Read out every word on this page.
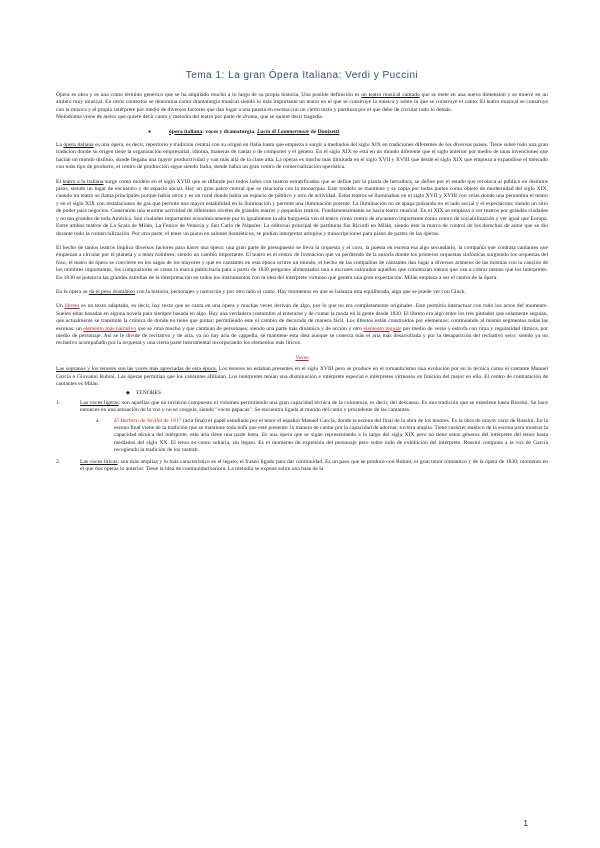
Tema 1: La gran Ópera Italiana: Verdi y Puccini

Ópera es obra y es una como término genérico que se ha ampliado mucho a lo largo de su propia historia. Una posible definición es un teatro musical cantado que se mete en una nueva dimensión y se mueve en un ámbito muy musical. En otros contextos se denomina como dramaturgia musical siendo lo más importante un teatro en el que se construye la música y sobre la que se construye el canto. El teatro musical se construye con la música y el propio intérprete por medio de diversos factores que dan lugar a una puesta en escena con un cierto texto y partitura por el que debe de circular todo lo demás.

Melodrama viene de melos que quiere decir canto y melodía del teatro por parte de drama, que se quiere decir tragedia.

● ópera italiana: voces y dramaturgia. Lucia di Lammermoor de Donizetti

La ópera italiana es una ópera, es decir, repertorio y tradición central con su origen en Italia hasta que empieza a surgir a mediados del siglo XIX en tradiciones diferentes de los diversos países. Tiene sobre todo una gran tradición donde su origen tiene la organización empresarial, idioma, maneras de cantar o de componer y el género. En el siglo XIX se está en un mundo diferente que el siglo anterior por medio de unas invenciones que hacían un mundo distinto, donde llegaba una mayor productividad y van más allá de la clase alta. La óperas es mucho más ilimitada en el siglo XVII y XVIII que desde el siglo XIX que empieza a expandirse el mercado con todo tipo de producto, el centro de producción sigue siendo Italia, donde había un gran centro de comercialización operística.

El teatro a la italiana surge como modelo en el siglo XVIII que se difunde por todos lados con teatros estratificados que se define por la planta de herradura, se define por el estado que recoloca al público en distintos pisos, siendo un lugar de encuentro y de espacio social. Hay un gran palco central que se relaciona con la monarquía. Este modelo se mantiene y se copia por todas partes como objeto de modernidad del siglo XIX, cuando un teatro se llama principales porque había otros y es un rural donde había un espacio de público y otro de actividad. Estos teatros se iluminaban en el siglo XVII y XVIII con velas donde una penumbra el teatro y en el siglo XIX con instalaciones de gas que permite una mayor estabilidad en la iluminación y permite una iluminación potente. La iluminación no se apaga pulsando en el lado social y el espectáculo; siendo un sitio de poder para negocios. Generando una enorme actividad de diferentes niveles de grandes teatros y pequeños teatros. Fundamentalmente se hacía teatro musical. En el XIX se empieza a ver teatros por grandes ciudades y no tan grandes de toda América. Son ciudades importantes económicamente por lo igualmente la alta burguesía ven el teatro como centro de encuentro importante como centro de sociabilización y ver igual que Europa. Entre ambos teatros de La Scala de Milán, La Fenice de Venecia y San Carlo de Nápoles. La editorial principal de partituras fue Ricordi en Milán, siendo este la marca de control de los derechos de autor que se dio durante todo la comercialización. Por otra parte, el tener un piano en salones domésticos, se podían interpretar arreglos y transcripciones para piano de partes de las óperas.

El hecho de tantos teatros implica diversos factores para hacer una ópera: una gran parte de presupuesto se lleva la orquesta y el coro, la puesta en escena era algo secundario, la compañía que contrata cantantes que empiezan a circular por el planeta y a tener nombres; siendo un cambio importante. El teatro es el centro de formación que va perdiendo de la autoría donde los primeros orquestas sinfónicas surgiendo los orquestas del foso, el teatro de ópera se convierte en los sagas de los mayores y que en cantantes en esta época ocurre un mundo, el hecho de las compañías de cantantes dan lugar a diversos arameos de las mismas con la canción de los nombres importantes, los compositores se crean la marca publicitaria para a partir de 1830 pregones alimentados una a escrutes valorados aquellos que comienzan menos que van a cobrar menos que los intérpretes. En 1830 se potencia las grandes estrellas de la interpretación en todos los instrumentos con la idea del intérprete virtuoso que genera una gran expectación. Milán empieza a ser el centro de la ópera.

En la ópera se da el peso dramático con la historia, personajes y narración y por otro lado el canto. Hay momentos en que se balanza esta equilibrada, algo que se puede ver con Gluck.

Un libreto es un texto adaptado, es decir, hay texto que se canta en una ópera y muchas veces derivan de algo, por lo que no era completamente originales. Este permitía interactuar con todo los actos del momento. Suelen estar basadas en alguna novela para siempre basada en algo. Hay una verdadera costumbre al enterarse y de contar la moda en la gente desde 1820. El libreto era algo entre los tres pintados que solamente seguían, que actualmente se transmite la crónica de donde no tiene que pintar; permitiendo este el cambio de decorado de manera fácil. Los libretos están construidos por elementos; continuando al mismo segmentos todas las escenas: un elemento más narrativo que se rima mucho y que cambian de personajes; siendo una parte más dinámica y de acción y otro elemento regular por medio de verso y estrofa con rima y regularidad rítmica, por medio de personaje. Así se le divide de recitativo y de aria, ya no hay aria de cappella, se mantiene esta idea aunque se conecta más el aria más desarrollada y por la desaparición del recitativo seco; siendo ya un recitativo acompañado por la orquesta y una cierta parte instrumental incorporando los elementos más líricos.

Voces

Las sopranos y los tenores son las voces más apreciadas de esta época. Los tenores no estaban presentes en el siglo XVIII pero se produce en el romanticismo una evolución por en lo técnica como el cantante Manuel García o Giovanni Rubini. Las óperas permitían que los cantantes afiliaran. Los intérpretes tenían una disminución e intérprete especial e intérpretes virtuosos en función del mejor en ello. El centro de contratación de cantantes es Milán.

◆ TENORES
1.	Las voces ligeras: son aquellas que no tuvieron compuesto el volumen permitiendo una gran capacidad técnica de la coloratura, es decir, del descanso. Es una tradición que se mantiene hasta Rossini. Se hace entonces en una sensación de la voz y no se congela, siendo "voces papacas". Se encuentra ligada al mundo del canto y procedente de las cantantes.
a.	El Barbero de Sevilla de 1817 (aria final) el papel estudiado por el tenor el español Manuel García, donde la escena del final de la obra de los tenores. Es la obra de mayor cariz de Rossini. En la escena final viene de la tradición que se mantiene toda bufa que esté presente: la manera de cantar por la capacidad de adornar, tuviera amplia. Tiene carácter estético de la escena para mostrar la capacidad técnica del intérprete, este aria tiene una parte lenta. Es una ópera que se sigue representando a lo largo del siglo XIX pero no tiene estos géneros del intérprete del tenor hasta mediados del siglo XX. El tenor es como soltaría, sin legato. Es el momento de expresión del personaje pero sobre todo de exhibición del intérprete. Rossini compone a la voz de García recogiendo la tradición de los castrati.
2.	Las voces líricas: son más amplias y lo más característico es el legato, el fraseo ligado para dar continuidad. Es un paso que se produce con Rubini, el gran tenor romántico y de la ópera de 1830; momento en el que dos óperas lo anterior. Tiene la idea de continuidad sonora. La melodía se expone sobre una base de la
1
